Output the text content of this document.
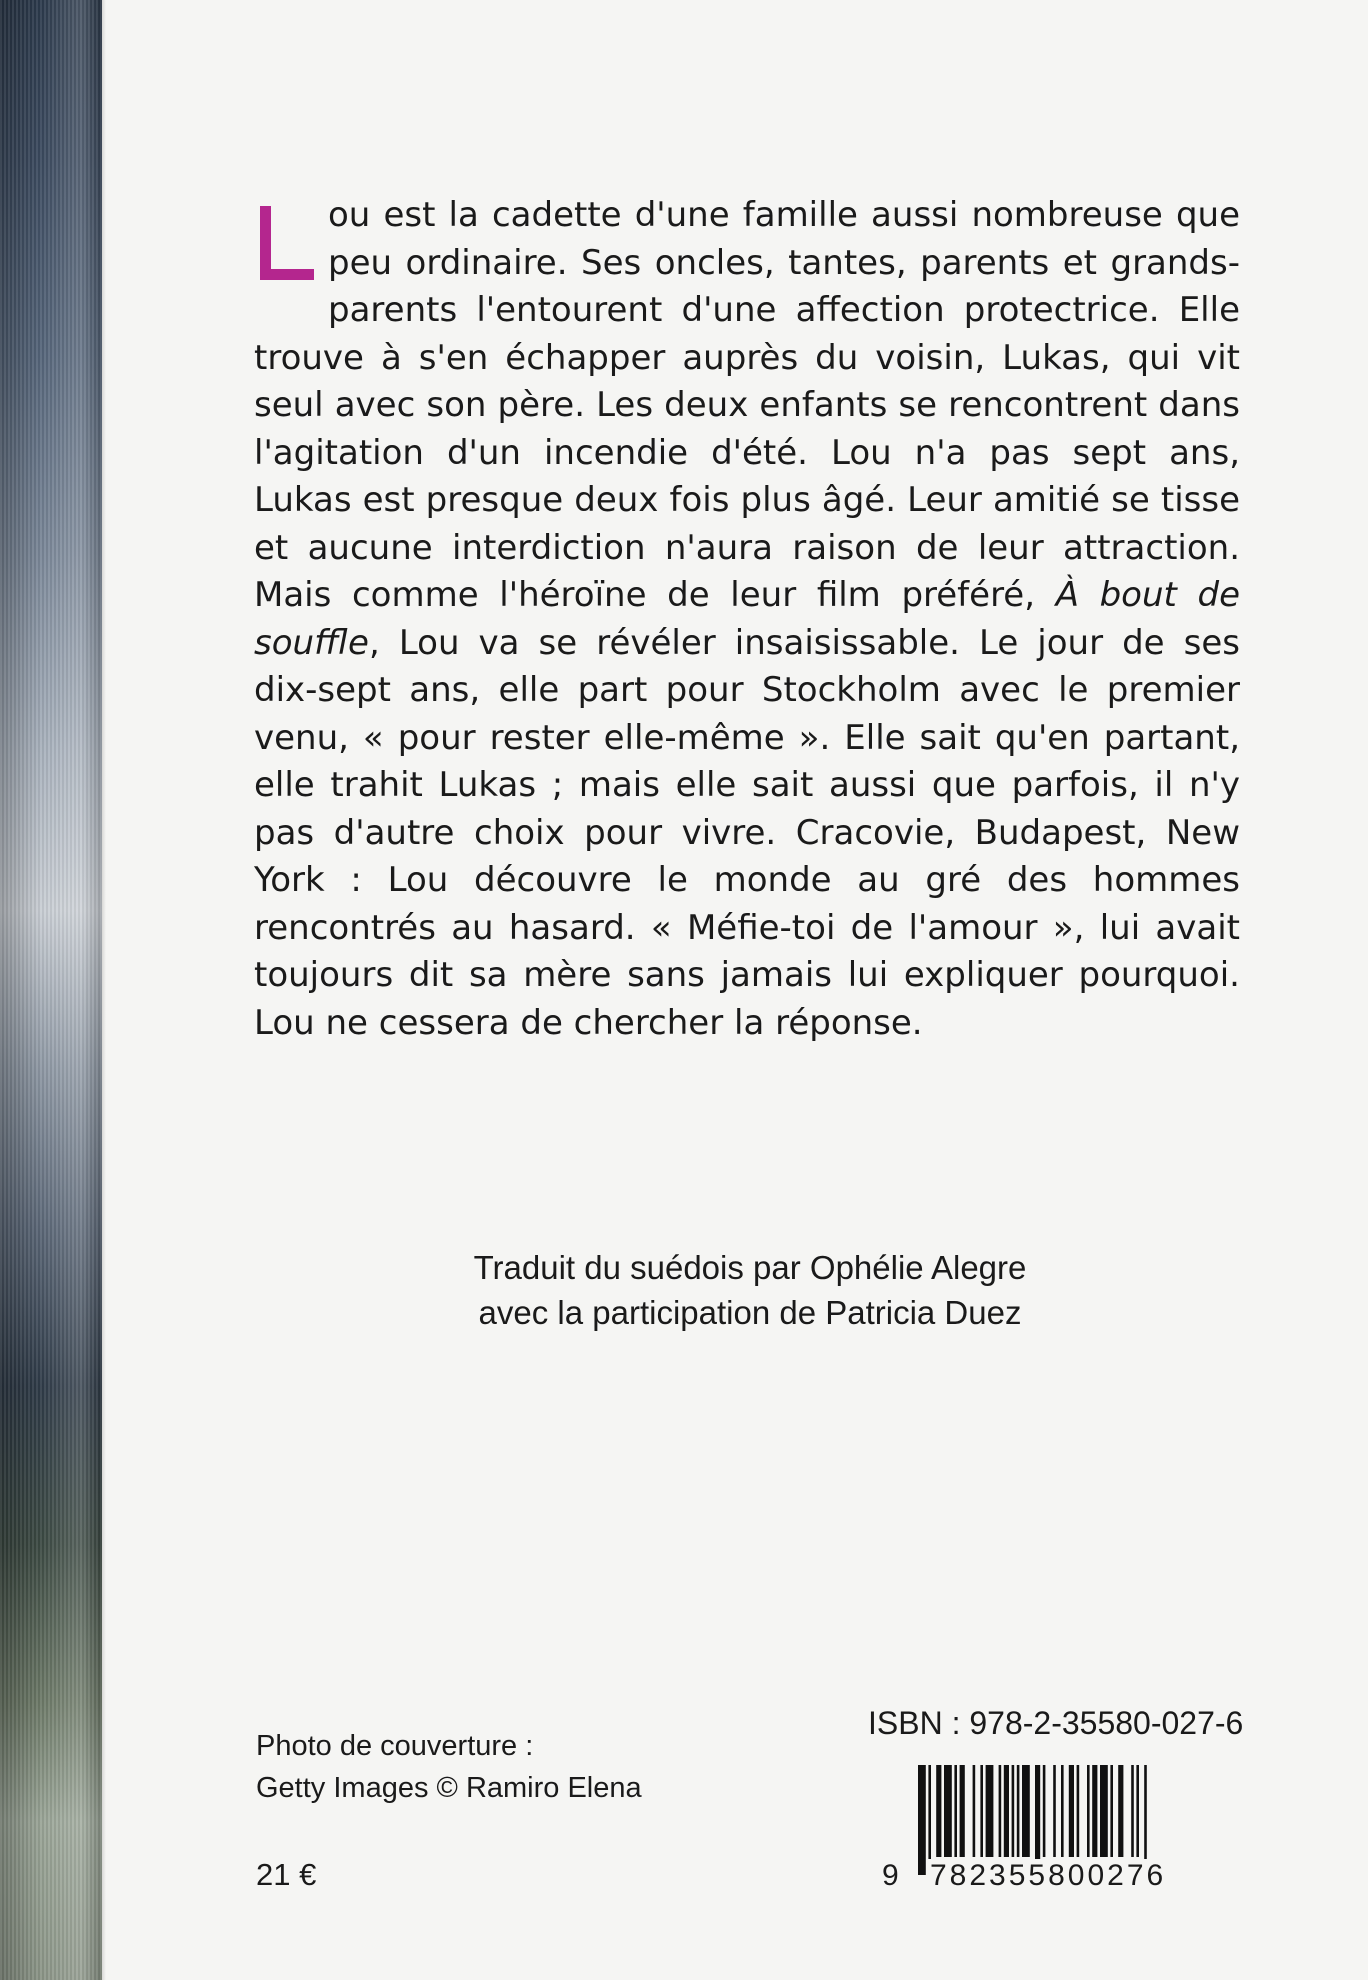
ou est la cadette d'une famille aussi nombreuse que peu ordinaire. Ses oncles, tantes, parents et grands-parents l'entourent d'une affection protectrice. Elle trouve à s'en échapper auprès du voisin, Lukas, qui vit seul avec son père. Les deux enfants se rencontrent dans l'agitation d'un incendie d'été. Lou n'a pas sept ans, Lukas est presque deux fois plus âgé. Leur amitié se tisse et aucune interdiction n'aura raison de leur attraction. Mais comme l'héroïne de leur film préféré, À bout de souffle, Lou va se révéler insaisissable. Le jour de ses dix-sept ans, elle part pour Stockholm avec le premier venu, « pour rester elle-même ». Elle sait qu'en partant, elle trahit Lukas ; mais elle sait aussi que parfois, il n'y pas d'autre choix pour vivre. Cracovie, Budapest, New York : Lou découvre le monde au gré des hommes rencontrés au hasard. « Méfie-toi de l'amour », lui avait toujours dit sa mère sans jamais lui expliquer pourquoi. Lou ne cessera de chercher la réponse.

Traduit du suédois par Ophélie Alegre
avec la participation de Patricia Duez
Photo de couverture :
Getty Images © Ramiro Elena
21 €
ISBN : 978-2-35580-027-6
9 782355800276
